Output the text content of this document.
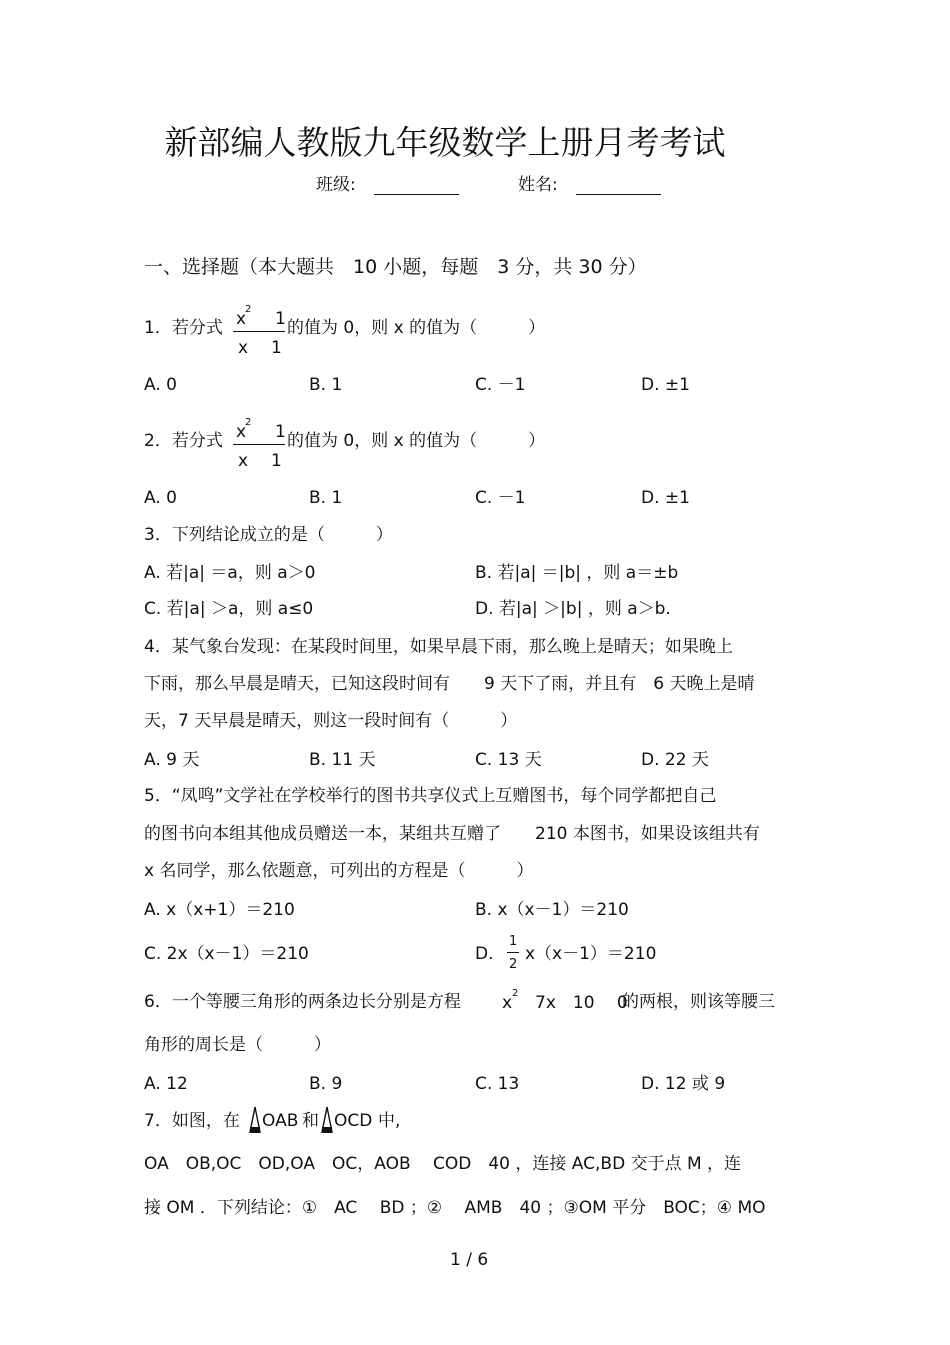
新部编人教版九年级数学上册月考考试
班级:	姓名:
一、选择题（本大题共　10 小题，每题　3 分，共 30 分）
1．若分式 x
2 1
x 1
的值为 0，则 x 的值为（　　　）
A. 0	B. 1	C. －1	D. ±1
2．若分式 x
2 1
x 1
的值为 0，则 x 的值为（　　　）
A. 0	B. 1	C. －1	D. ±1
3．下列结论成立的是（　　　）
A. 若|a| ＝a，则 a＞0	B. 若|a| ＝|b| ，则 a＝±b
C. 若|a| ＞a，则 a≤0	D. 若|a| ＞|b| ，则 a＞b.
4．某气象台发现：在某段时间里，如果早晨下雨，那么晚上是晴天；如果晚上
下雨，那么早晨是晴天，已知这段时间有　　9 天下了雨，并且有　6 天晚上是晴
天，7 天早晨是晴天，则这一段时间有（　　　）
A. 9 天	B. 11 天	C. 13 天	D. 22 天
5．“凤鸣”文学社在学校举行的图书共享仪式上互赠图书，每个同学都把自己
的图书向本组其他成员赠送一本，某组共互赠了　　210 本图书，如果设该组共有
x 名同学，那么依题意，可列出的方程是（　　　）
A. x（x+1）＝210	B. x（x－1）＝210
C. 2x（x－1）＝210	D.
1
2
x（x－1）＝210
6．一个等腰三角形的两条边长分别是方程 x 2 7x　10　 0
的两根，则该等腰三
角形的周长是（　　　）
A. 12	B. 9	C. 13	D. 12 或 9
7．如图，在 OAB 和 OCD 中,
OA　OB,OC　OD,OA　OC，AOB　 COD　40 ，连接 AC,BD 交于点 M ，连
接 OM ．下列结论：①　AC　 BD ；②　 AMB　40 ；③OM 平分　BOC；④ MO
1 / 6
